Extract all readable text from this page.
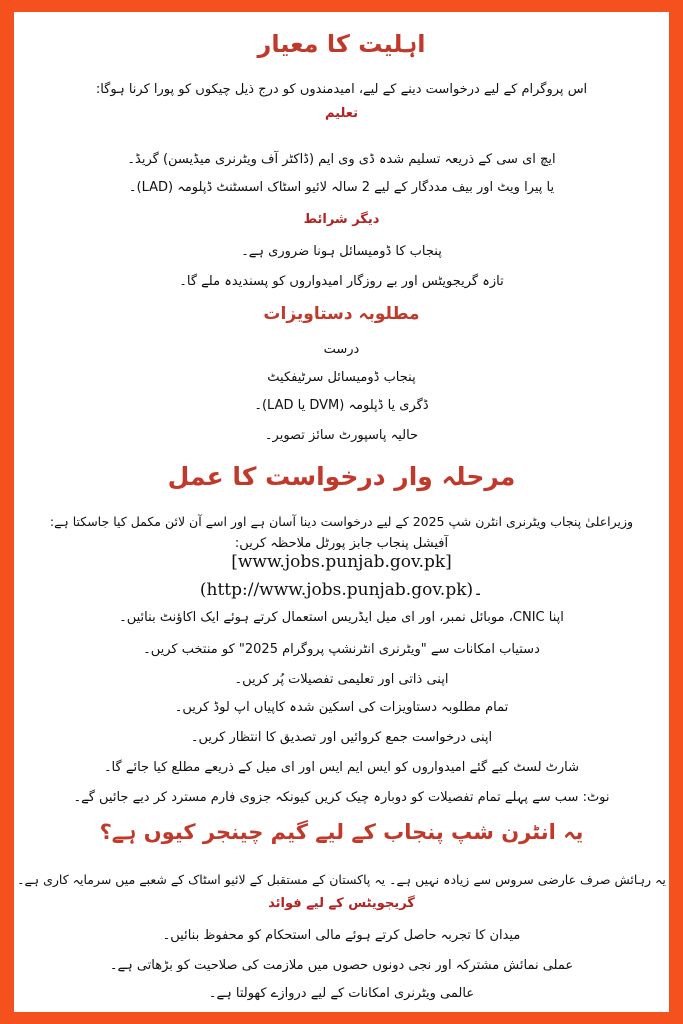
اہلیت کا معیار
اس پروگرام کے لیے درخواست دینے کے لیے، امیدمندوں کو درج ذیل چیکوں کو پورا کرنا ہوگا:
تعلیم
ایچ ای سی کے ذریعہ تسلیم شدہ ڈی وی ایم (ڈاکٹر آف ویٹرنری میڈیسن) گریڈ۔
یا پیرا ویٹ اور بیف مددگار کے لیے 2 سالہ لائیو اسٹاک اسسٹنٹ ڈپلومہ (LAD)۔
دیگر شرائط
پنجاب کا ڈومیسائل ہونا ضروری ہے۔
تازہ گریجویٹس اور بے روزگار امیدواروں کو پسندیدہ ملے گا۔
مطلوبہ دستاویزات
درست
پنجاب ڈومیسائل سرٹیفکیٹ
ڈگری یا ڈپلومہ (DVM یا LAD)۔
حالیہ پاسپورٹ سائز تصویر۔
مرحلہ وار درخواست کا عمل
وزیراعلیٰ پنجاب ویٹرنری انٹرن شپ 2025 کے لیے درخواست دینا آسان ہے اور اسے آن لائن مکمل کیا جاسکتا ہے:
آفیشل پنجاب جابز پورٹل ملاحظہ کریں:
[www.jobs.punjab.gov.pk]
(http://www.jobs.punjab.gov.pk)۔
اپنا CNIC، موبائل نمبر، اور ای میل ایڈریس استعمال کرتے ہوئے ایک اکاؤنٹ بنائیں۔
دستیاب امکانات سے "ویٹرنری انٹرنشپ پروگرام 2025" کو منتخب کریں۔
اپنی ذاتی اور تعلیمی تفصیلات پُر کریں۔
تمام مطلوبہ دستاویزات کی اسکین شدہ کاپیاں اپ لوڈ کریں۔
اپنی درخواست جمع کروائیں اور تصدیق کا انتظار کریں۔
شارٹ لسٹ کیے گئے امیدواروں کو ایس ایم ایس اور ای میل کے ذریعے مطلع کیا جائے گا۔
نوٹ: سب سے پہلے تمام تفصیلات کو دوبارہ چیک کریں کیونکہ جزوی فارم مسترد کر دیے جائیں گے۔
یہ انٹرن شپ پنجاب کے لیے گیم چینجر کیوں ہے؟
یہ رہائش صرف عارضی سروس سے زیادہ نہیں ہے۔ یہ پاکستان کے مستقبل کے لائیو اسٹاک کے شعبے میں سرمایہ کاری ہے۔
گریجویٹس کے لیے فوائد
میدان کا تجربہ حاصل کرتے ہوئے مالی استحکام کو محفوظ بنائیں۔
عملی نمائش مشترکہ اور نجی دونوں حصوں میں ملازمت کی صلاحیت کو بڑھاتی ہے۔
عالمی ویٹرنری امکانات کے لیے دروازے کھولتا ہے۔
